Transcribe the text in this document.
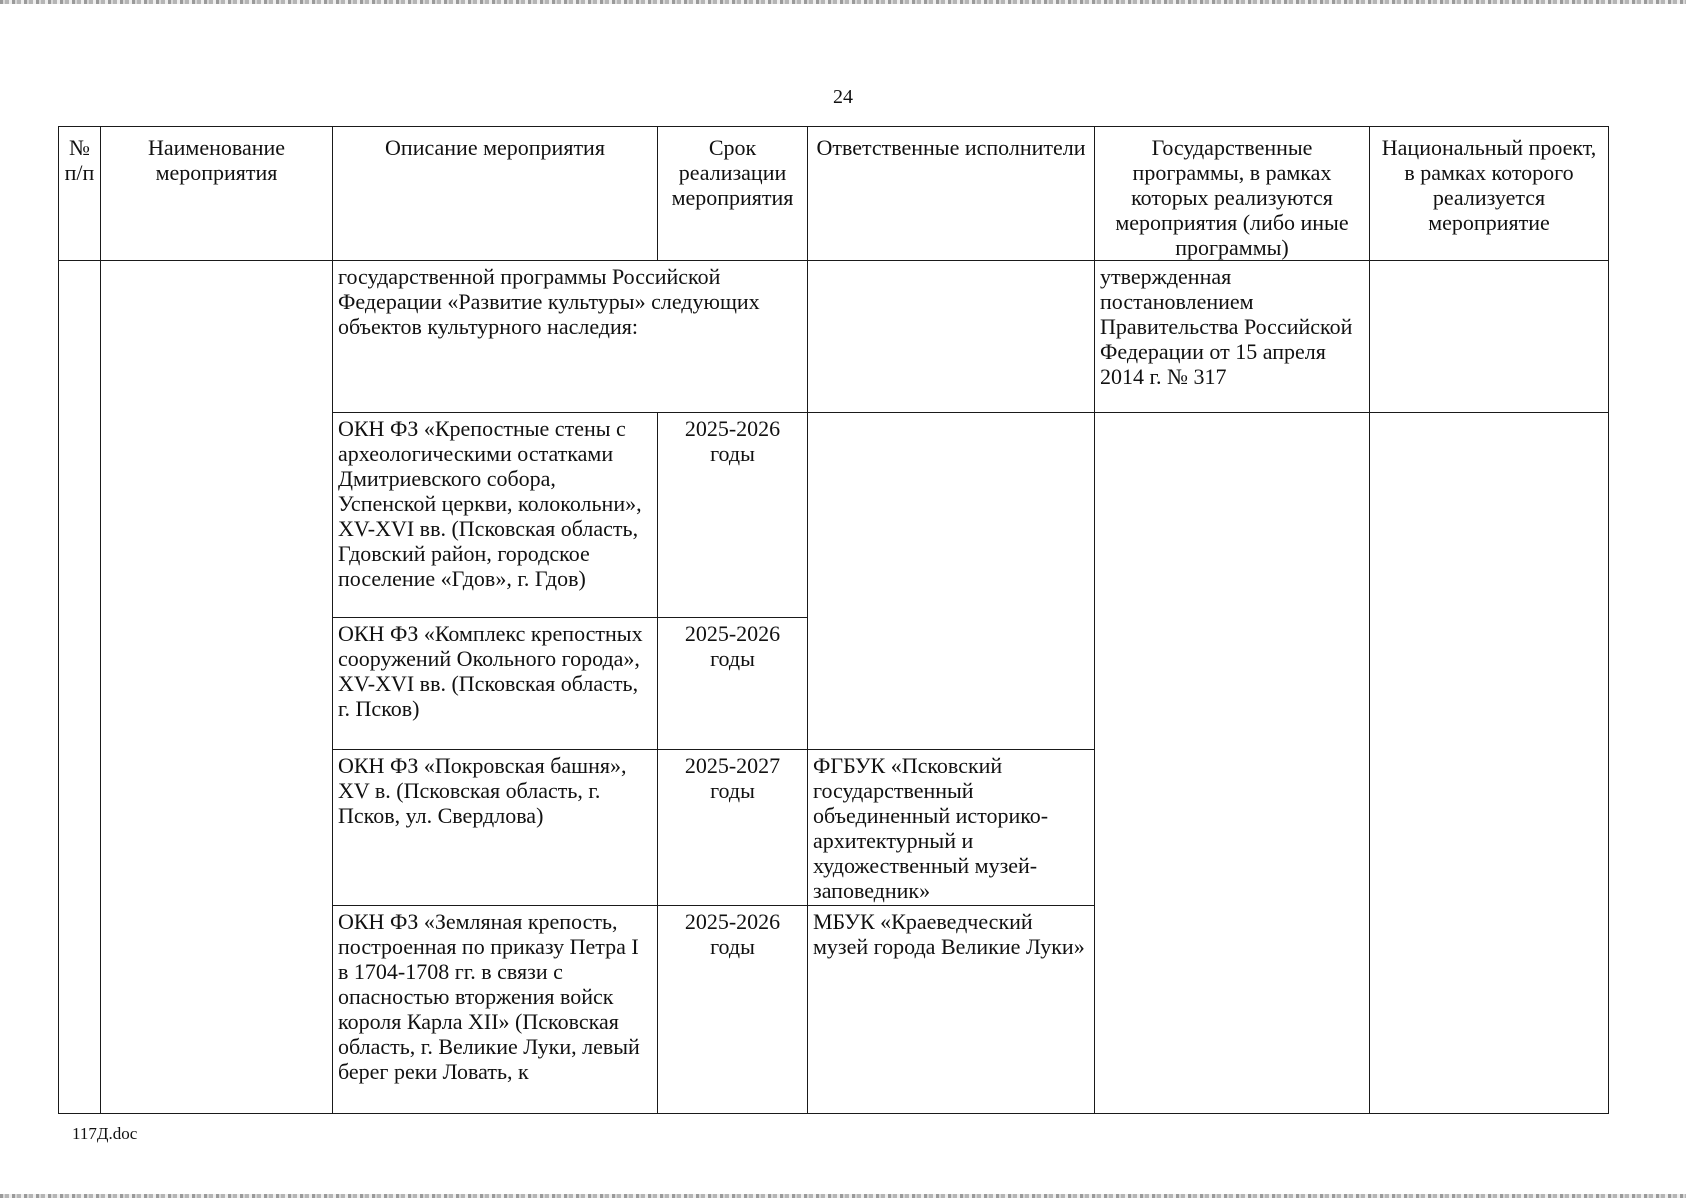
24
№ п/п	Наименование мероприятия	Описание мероприятия	Срок реализации мероприятия	Ответственные исполнители	Государственные программы, в рамках которых реализуются мероприятия (либо иные программы)	Национальный проект, в рамках которого реализуется мероприятие
		государственной программы Российской Федерации «Развитие культуры» следующих объектов культурного наследия:			утвержденная постановлением Правительства Российской Федерации от 15 апреля 2014 г. № 317	
		ОКН ФЗ «Крепостные стены с археологическими остатками Дмитриевского собора, Успенской церкви, колокольни», XV-XVI вв. (Псковская область, Гдовский район, городское поселение «Гдов», г. Гдов)	2025-2026 годы			
		ОКН ФЗ «Комплекс крепостных сооружений Окольного города», XV-XVI вв. (Псковская область, г. Псков)	2025-2026 годы			
		ОКН ФЗ «Покровская башня», XV в. (Псковская область, г. Псков, ул. Свердлова)	2025-2027 годы	ФГБУК «Псковский государственный объединенный историко-архитектурный и художественный музей-заповедник»		
		ОКН ФЗ «Земляная крепость, построенная по приказу Петра I в 1704-1708 гг. в связи с опасностью вторжения войск короля Карла XII» (Псковская область, г. Великие Луки, левый берег реки Ловать, к	2025-2026 годы	МБУК «Краеведческий музей города Великие Луки»		
117Д.doc
